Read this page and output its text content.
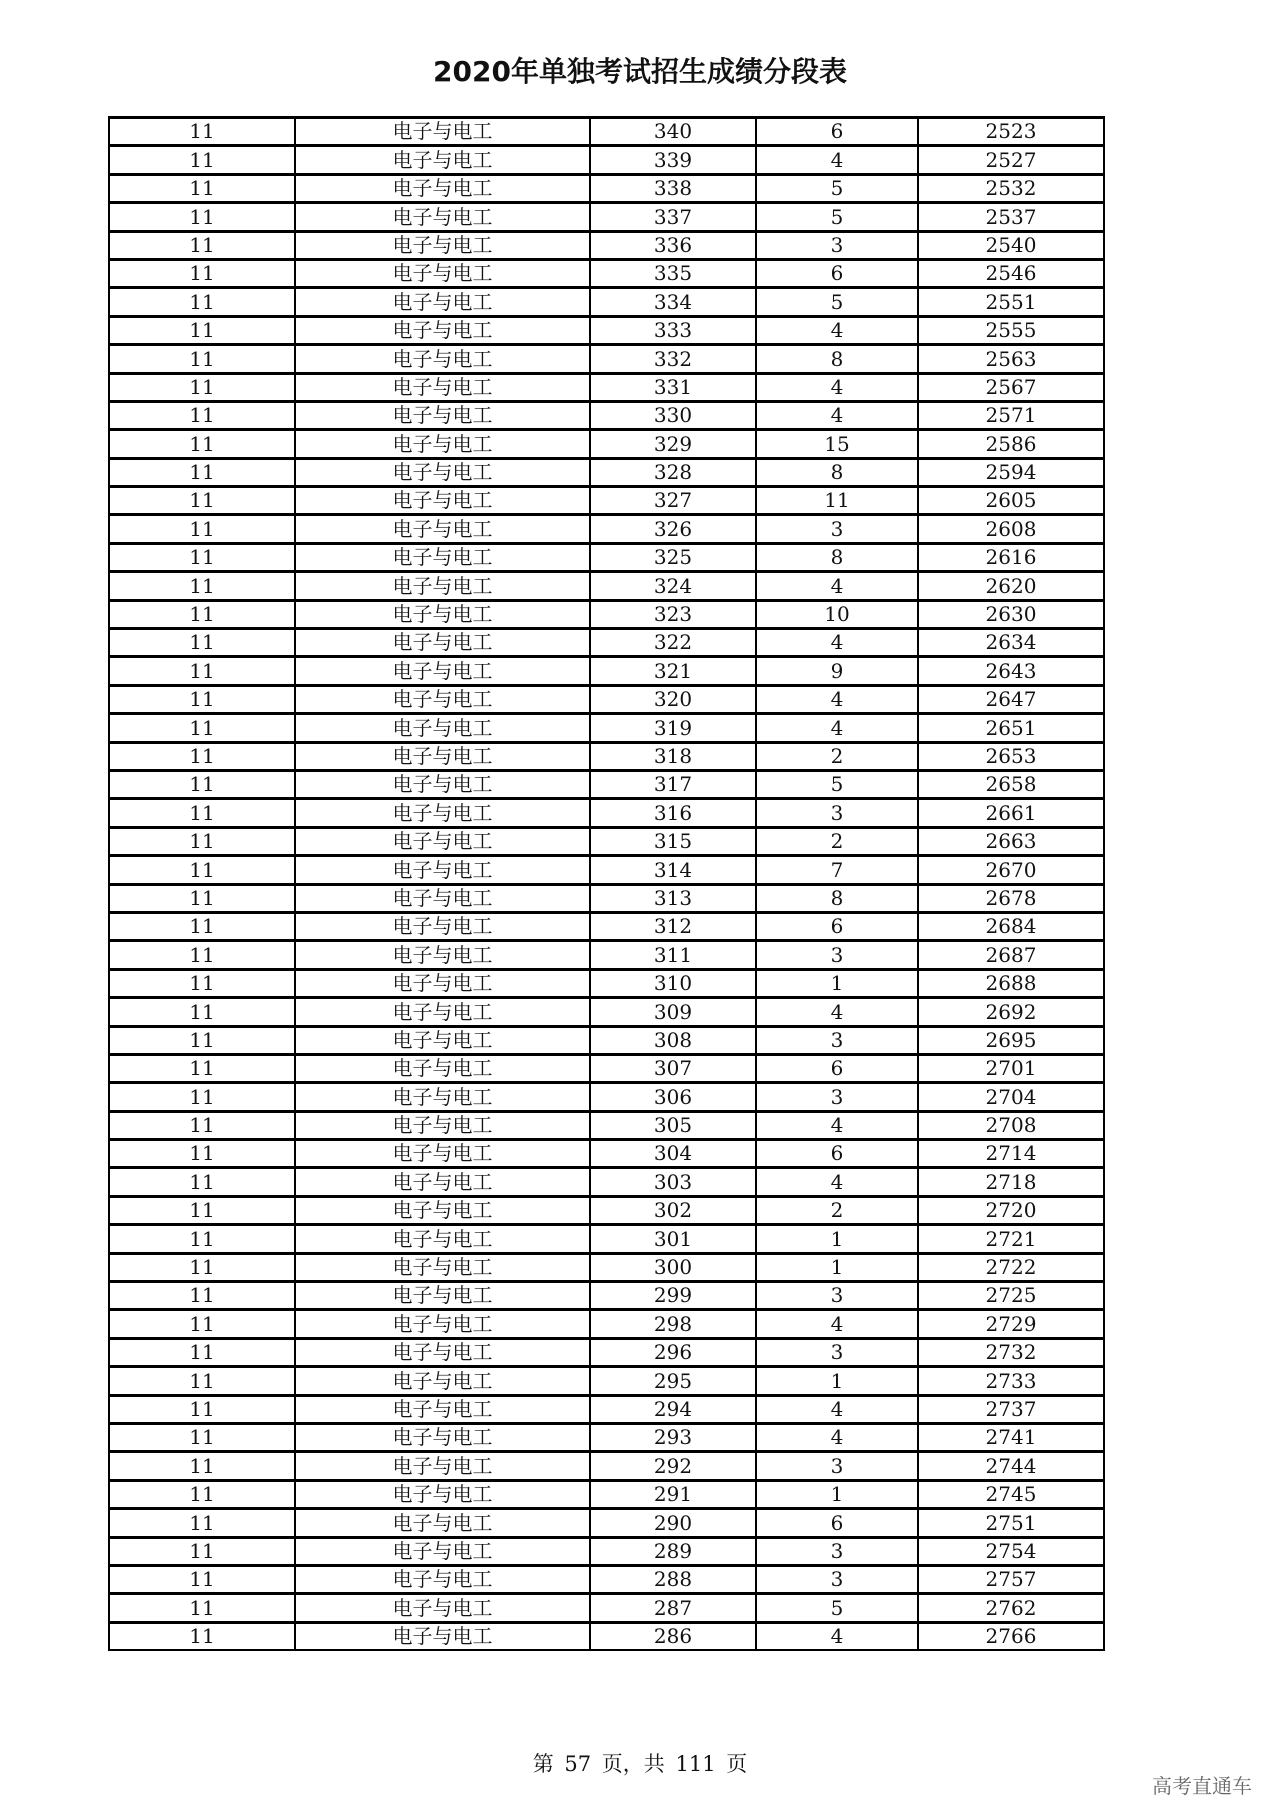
2020年单独考试招生成绩分段表
11	电子与电工	340	6	2523
11	电子与电工	339	4	2527
11	电子与电工	338	5	2532
11	电子与电工	337	5	2537
11	电子与电工	336	3	2540
11	电子与电工	335	6	2546
11	电子与电工	334	5	2551
11	电子与电工	333	4	2555
11	电子与电工	332	8	2563
11	电子与电工	331	4	2567
11	电子与电工	330	4	2571
11	电子与电工	329	15	2586
11	电子与电工	328	8	2594
11	电子与电工	327	11	2605
11	电子与电工	326	3	2608
11	电子与电工	325	8	2616
11	电子与电工	324	4	2620
11	电子与电工	323	10	2630
11	电子与电工	322	4	2634
11	电子与电工	321	9	2643
11	电子与电工	320	4	2647
11	电子与电工	319	4	2651
11	电子与电工	318	2	2653
11	电子与电工	317	5	2658
11	电子与电工	316	3	2661
11	电子与电工	315	2	2663
11	电子与电工	314	7	2670
11	电子与电工	313	8	2678
11	电子与电工	312	6	2684
11	电子与电工	311	3	2687
11	电子与电工	310	1	2688
11	电子与电工	309	4	2692
11	电子与电工	308	3	2695
11	电子与电工	307	6	2701
11	电子与电工	306	3	2704
11	电子与电工	305	4	2708
11	电子与电工	304	6	2714
11	电子与电工	303	4	2718
11	电子与电工	302	2	2720
11	电子与电工	301	1	2721
11	电子与电工	300	1	2722
11	电子与电工	299	3	2725
11	电子与电工	298	4	2729
11	电子与电工	296	3	2732
11	电子与电工	295	1	2733
11	电子与电工	294	4	2737
11	电子与电工	293	4	2741
11	电子与电工	292	3	2744
11	电子与电工	291	1	2745
11	电子与电工	290	6	2751
11	电子与电工	289	3	2754
11	电子与电工	288	3	2757
11	电子与电工	287	5	2762
11	电子与电工	286	4	2766
第 57 页，共 111 页
高考直通车
